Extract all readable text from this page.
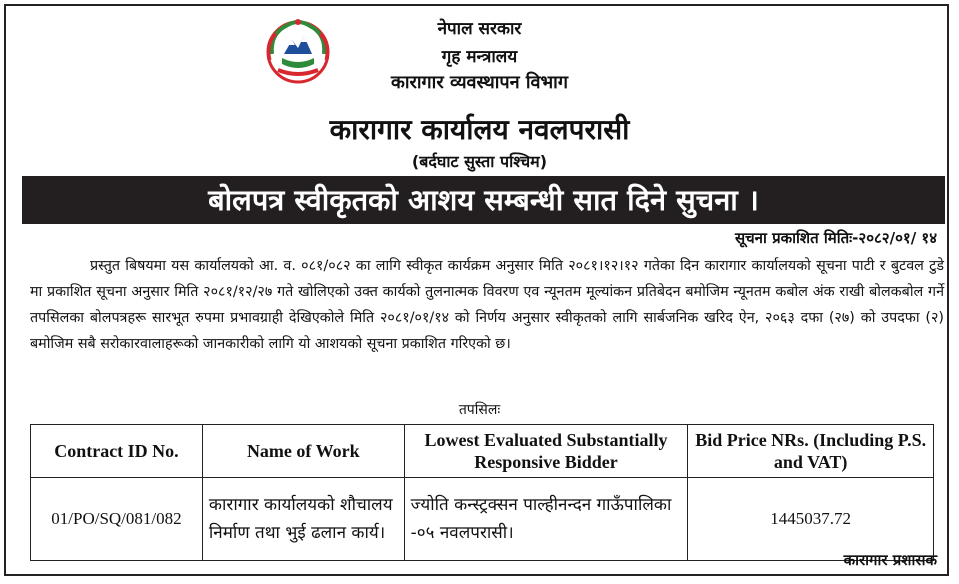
नेपाल सरकार
गृह मन्त्रालय
कारागार व्यवस्थापन विभाग
कारागार कार्यालय नवलपरासी
(बर्दघाट सुस्ता पश्चिम)
बोलपत्र स्वीकृतको आशय सम्बन्धी सात दिने सुचना ।
सूचना प्रकाशित मितिः-२०८२/०१/ १४
प्रस्तुत बिषयमा यस कार्यालयको आ. व. ०८१/०८२ का लागि स्वीकृत कार्यक्रम अनुसार मिति २०८१।१२।१२ गतेका दिन कारागार कार्यालयको सूचना पाटी र बुटवल टुडे मा प्रकाशित सूचना अनुसार मिति २०८१/१२/२७ गते खोलिएको उक्त कार्यको तुलनात्मक विवरण एव न्यूनतम मूल्यांकन प्रतिबेदन बमोजिम न्यूनतम कबोल अंक राखी बोलकबोल गर्ने तपसिलका बोलपत्रहरू सारभूत रुपमा प्रभावग्राही देखिएकोले मिति २०८१/०१/१४ को निर्णय अनुसार स्वीकृतको लागि सार्बजनिक खरिद ऐन, २०६३ दफा (२७) को उपदफा (२) बमोजिम सबै सरोकारवालाहरूको जानकारीको लागि यो आशयको सूचना प्रकाशित गरिएको छ।
तपसिलः
Contract ID No.	Name of Work	Lowest Evaluated Substantially Responsive Bidder	Bid Price NRs. (Including P.S. and VAT)
01/PO/SQ/081/082	कारागार कार्यालयको शौचालय निर्माण तथा भुई ढलान कार्य।	ज्योति कन्स्ट्रक्सन पाल्हीनन्दन गाऊँपालिका -०५ नवलपरासी।	1445037.72
कारागार प्रशासक
